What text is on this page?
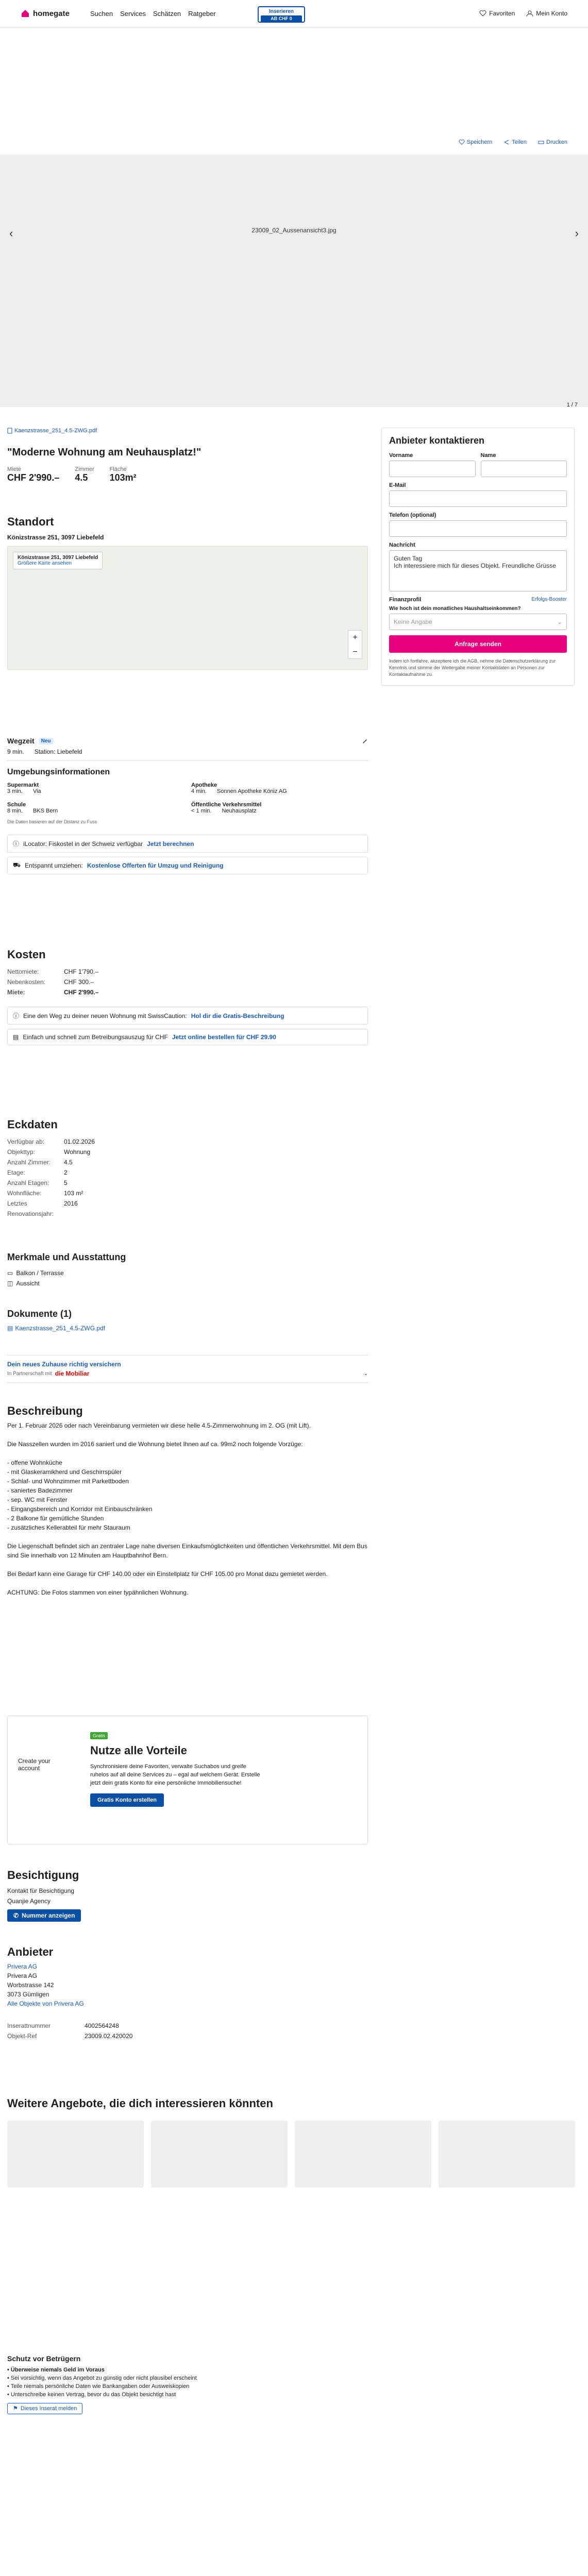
homegate	Suchen Services Schätzen Ratgeber	Inserieren
AB CHF 0
Favoriten	Mein Konto
Speichern	Teilen	Drucken
23009_02_Aussenansicht3.jpg
‹	›
1 / 7
Kaenzstrasse_251_4.5-ZWG.pdf
"Moderne Wohnung am Neuhausplatz!"
Miete
CHF 2'990.–
Zimmer
4.5
Fläche
103m²
Standort
Könizstrasse 251, 3097 Liebefeld
Könizstrasse 251, 3097 Liebefeld
Größere Karte ansehen
+
−
Wegzeit	Neu
9 min. Station: Liebefeld
Umgebungsinformationen
Supermarkt
3 min. Via
Apotheke
4 min. Sonnen Apotheke Köniz AG
Schule
8 min. BKS Bern
Öffentliche Verkehrsmittel
< 1 min. Neuhausplatz
Die Daten basieren auf der Distanz zu Fuss
ⓘ iLocator: Fiskostel in der Schweiz verfügbar Jetzt berechnen
⛟ Entspannt umziehen: Kostenlose Offerten für Umzug und Reinigung
Kosten
Nettomiete:	CHF 1'790.–
Nebenkosten:	CHF 300.–
Miete:	CHF 2'990.–
ⓘ Eine den Weg zu deiner neuen Wohnung mit SwissCaution: Hol dir die Gratis-Beschreibung
▤ Einfach und schnell zum Betreibungsauszug für CHF Jetzt online bestellen für CHF 29.90
Eckdaten
Verfügbar ab:	01.02.2026
Objekttyp:	Wohnung
Anzahl Zimmer:	4.5
Etage:	2
Anzahl Etagen:	5
Wohnfläche:	103 m²
Letztes Renovationsjahr:
2016
Merkmale und Ausstattung
▭ Balkon / Terrasse
◫ Aussicht
Dokumente (1)
▤ Kaenzstrasse_251_4.5-ZWG.pdf
Dein neues Zuhause richtig versichern
In Partnerschaft mit die Mobiliar	⌄
Beschreibung

Per 1. Februar 2026 oder nach Vereinbarung vermieten wir diese helle 4.5-Zimmerwohnung im 2. OG (mit Lift).

Die Nasszellen wurden im 2016 saniert und die Wohnung bietet Ihnen auf ca. 99m2 noch folgende Vorzüge:

- offene Wohnküche
- mit Glaskeramikherd und Geschirrspüler
- Schlaf- und Wohnzimmer mit Parkettboden
- saniertes Badezimmer
- sep. WC mit Fenster
- Eingangsbereich und Korridor mit Einbauschränken
- 2 Balkone für gemütliche Stunden
- zusätzliches Kellerabteil für mehr Stauraum

Die Liegenschaft befindet sich an zentraler Lage nahe diversen Einkaufsmöglichkeiten und öffentlichen Verkehrsmittel. Mit dem Bus sind Sie innerhalb von 12 Minuten am Hauptbahnhof Bern.

Bei Bedarf kann eine Garage für CHF 140.00 oder ein Einstellplatz für CHF 105.00 pro Monat dazu gemietet werden.

ACHTUNG: Die Fotos stammen von einer typähnlichen Wohnung.

Create your account
Gratis
Nutze alle Vorteile
Synchronisiere deine Favoriten, verwalte Suchabos und greife ruhelos auf all deine Services zu – egal auf welchem Gerät. Erstelle jetzt dein gratis Konto für eine persönliche Immobiliensuche!
Gratis Konto erstellen
Besichtigung
Kontakt für Besichtigung
Quanjie Agency
✆ Nummer anzeigen
Anbieter
Privera AG
Privera AG
Worbstrasse 142
3073 Gümligen
Alle Objekte von Privera AG
Inserattnummer	4002564248
Objekt-Ref	23009.02.420020
Weitere Angebote, die dich interessieren könnten
Schutz vor Betrügern
• Überweise niemals Geld im Voraus
• Sei vorsichtig, wenn das Angebot zu günstig oder nicht plausibel erscheint
• Teile niemals persönliche Daten wie Bankangaben oder Ausweiskopien
• Unterschreibe keinen Vertrag, bevor du das Objekt besichtigt hast
⚑ Dieses Inserat melden
Anbieter kontaktieren
Vorname	Name
E-Mail
Telefon (optional)
Nachricht
Guten Tag
Ich interessiere mich für dieses Objekt. Freundliche Grüsse
Finanzprofil	Erfolgs-Booster
Wie hoch ist dein monatliches Haushaltseinkommen?
Keine Angabe	⌄
Anfrage senden
Indem ich fortfahre, akzeptiere ich die AGB, nehme die Datenschutzerklärung zur Kenntnis und stimme der Weitergabe meiner Kontaktdaten an Personen zur Kontaktaufnahme zu.
